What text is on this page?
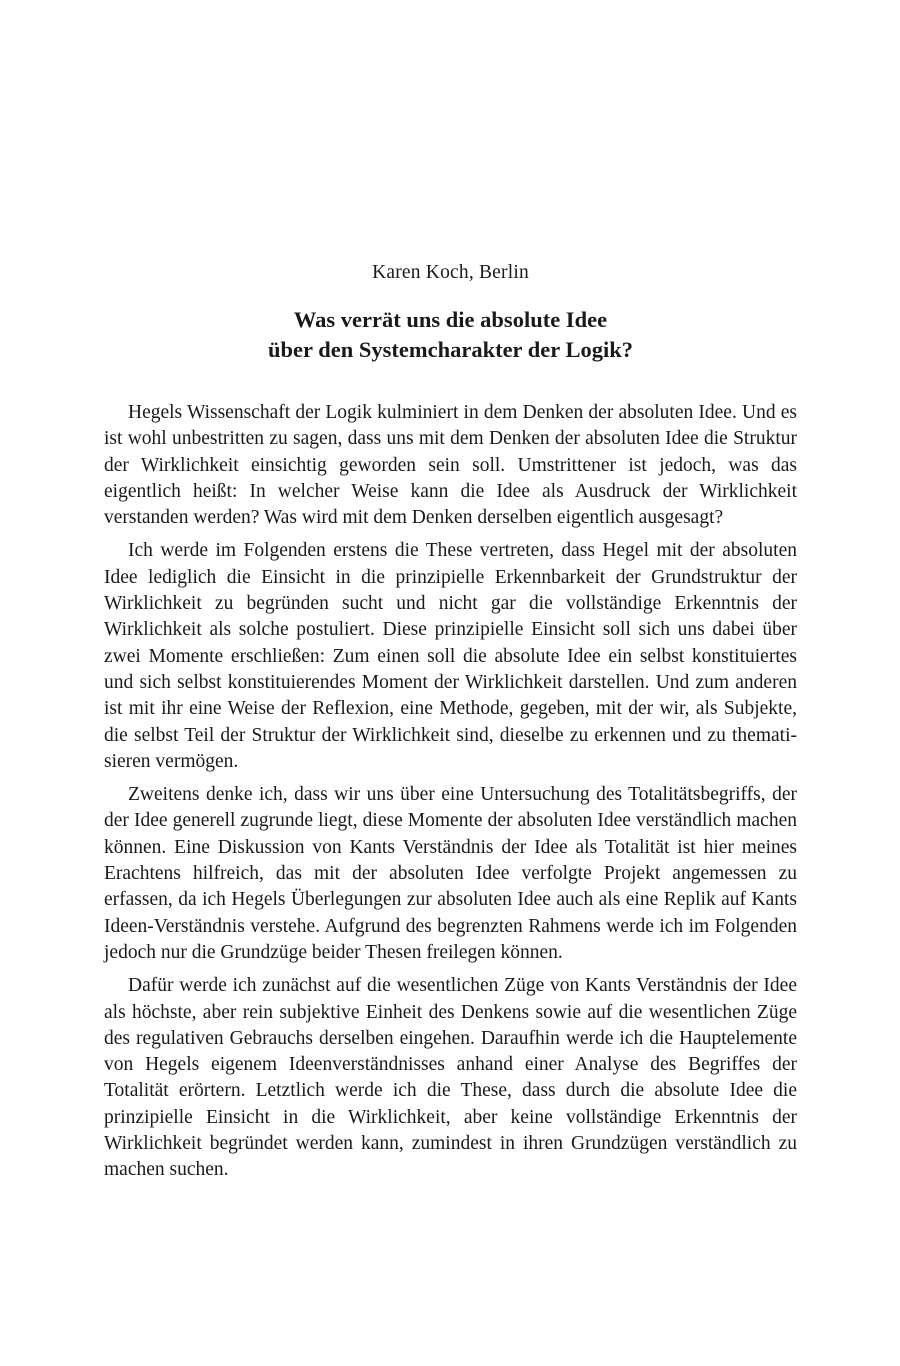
Karen Koch, Berlin
Was verrät uns die absolute Idee
über den Systemcharakter der Logik?

Hegels Wissenschaft der Logik kulminiert in dem Denken der absoluten Idee. Und es ist wohl unbestritten zu sagen, dass uns mit dem Denken der absoluten Idee die Struktur der Wirklichkeit einsichtig geworden sein soll. Umstrittener ist jedoch, was das eigentlich heißt: In welcher Weise kann die Idee als Ausdruck der Wirklichkeit verstanden werden? Was wird mit dem Denken derselben eigentlich ausgesagt?

Ich werde im Folgenden erstens die These vertreten, dass Hegel mit der absoluten Idee lediglich die Einsicht in die prinzipielle Erkennbarkeit der Grundstruktur der Wirklichkeit zu begründen sucht und nicht gar die vollständige Erkenntnis der Wirklichkeit als solche postuliert. Diese prinzipielle Einsicht soll sich uns dabei über zwei Momente erschließen: Zum einen soll die absolute Idee ein selbst konstituiertes und sich selbst konstituierendes Moment der Wirklichkeit darstellen. Und zum anderen ist mit ihr eine Weise der Reflexion, eine Methode, gegeben, mit der wir, als Subjekte, die selbst Teil der Struktur der Wirklichkeit sind, dieselbe zu erkennen und zu thematisieren vermögen.

Zweitens denke ich, dass wir uns über eine Untersuchung des Totalitätsbegriffs, der der Idee generell zugrunde liegt, diese Momente der absoluten Idee verständlich machen können. Eine Diskussion von Kants Verständnis der Idee als Totalität ist hier meines Erachtens hilfreich, das mit der absoluten Idee verfolgte Projekt angemessen zu erfassen, da ich Hegels Überlegungen zur absoluten Idee auch als eine Replik auf Kants Ideen-Verständnis verstehe. Aufgrund des begrenzten Rahmens werde ich im Folgenden jedoch nur die Grundzüge beider Thesen freilegen können.

Dafür werde ich zunächst auf die wesentlichen Züge von Kants Verständnis der Idee als höchste, aber rein subjektive Einheit des Denkens sowie auf die wesentlichen Züge des regulativen Gebrauchs derselben eingehen. Daraufhin werde ich die Hauptelemente von Hegels eigenem Ideenverständnisses anhand einer Analyse des Begriffes der Totalität erörtern. Letztlich werde ich die These, dass durch die absolute Idee die prinzipielle Einsicht in die Wirklichkeit, aber keine vollständige Erkenntnis der Wirklichkeit begründet werden kann, zumindest in ihren Grundzügen verständlich zu machen suchen.
